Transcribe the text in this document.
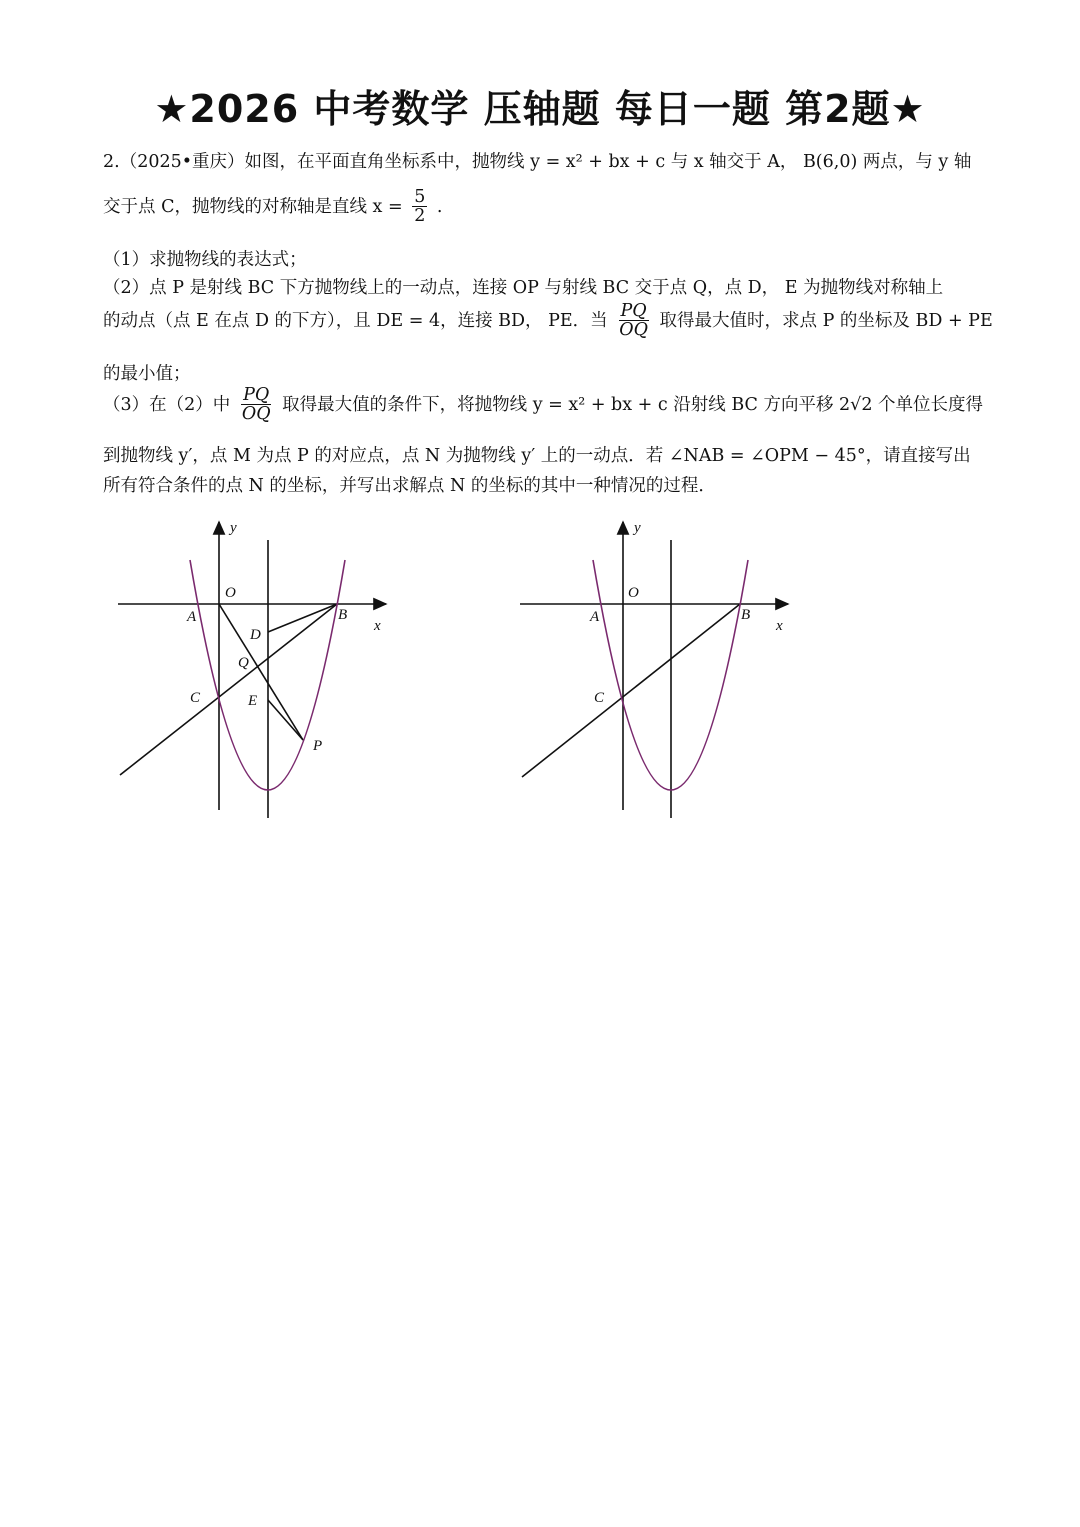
★2026 中考数学 压轴题 每日一题 第2题★
2.（2025•重庆）如图，在平面直角坐标系中，抛物线 y = x² + bx + c 与 x 轴交于 A， B(6,0) 两点，与 y 轴
交于点 C，抛物线的对称轴是直线 $x = \frac{5}{2}$ .
（1）求抛物线的表达式；
（2）点 P 是射线 BC 下方抛物线上的一动点，连接 OP 与射线 BC 交于点 Q，点 D， E 为抛物线对称轴上
的动点（点 E 在点 D 的下方），且 DE = 4，连接 BD， PE．当 $\frac{PQ}{OQ}$ 取得最大值时，求点 P 的坐标及 BD + PE
的最小值；
（3）在（2）中 $\frac{PQ}{OQ}$ 取得最大值的条件下，将抛物线 y = x² + bx + c 沿射线 BC 方向平移 2√2 个单位长度得
到抛物线 y′，点 M 为点 P 的对应点，点 N 为抛物线 y′ 上的一动点．若 ∠NAB = ∠OPM − 45°，请直接写出
所有符合条件的点 N 的坐标，并写出求解点 N 的坐标的其中一种情况的过程．
y
x
O
A	B
C
D
Q
E
P
y
x
O
A	B
C
